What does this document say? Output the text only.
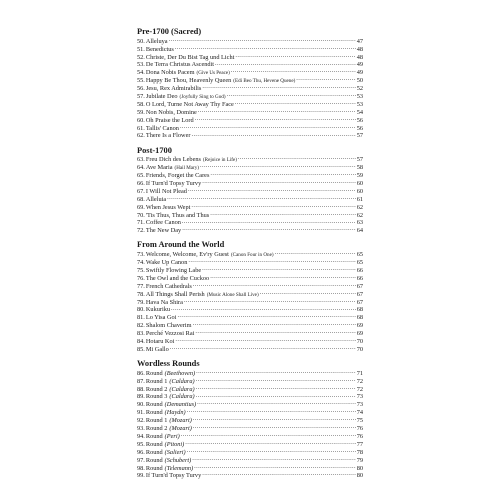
Pre-1700 (Sacred)
50. Alleluya .....	47
51. Benedictus .....	48
52. Christe, Der Du Bist Tag und Licht .....	48
53. De Terra Christus Ascendit .....	49
54. Dona Nobis Pacem (Give Us Peace) .....	49
55. Happy Be Thou, Heavenly Queen (Edi Beo Thu, Hevene Quene) .....	50
56. Jesu, Rex Admirabilis .....	52
57. Jubilate Deo (Joyfully Sing to God) .....	53
58. O Lord, Turne Not Away Thy Face .....	53
59. Non Nobis, Domine .....	54
60. Oh Praise the Lord .....	56
61. Tallis' Canon .....	56
62. There Is a Flower .....	57
Post-1700
63. Freu Dich des Lebens (Rejoice in Life) .....	57
64. Ave Maria (Hail Mary) .....	58
65. Friends, Forget the Cares .....	59
66. If Turn'd Topsy Turvy .....	60
67. I Will Not Plead .....	60
68. Alleluia .....	61
69. When Jesus Wept .....	62
70. 'Tis Thus, Thus and Thus .....	62
71. Coffee Canon .....	63
72. The New Day .....	64
From Around the World
73. Welcome, Welcome, Ev'ry Guest (Canon Four in One) .....	65
74. Wake Up Canon .....	65
75. Swiftly Flowing Labe .....	66
76. The Owl and the Cuckoo .....	66
77. French Cathedrals .....	67
78. All Things Shall Perish (Music Alone Shall Live) .....	67
79. Hava Na Shira .....	67
80. Kukuriku .....	68
81. Lo Yisa Goi .....	68
82. Shalom Chaverim .....	69
83. Perché Vezzosi Rai .....	69
84. Hotaru Koi .....	70
85. Mi Gallo .....	70
Wordless Rounds
86. Round (Beethoven) .....	71
87. Round 1 (Caldara) .....	72
88. Round 2 (Caldara) .....	72
89. Round 3 (Caldara) .....	73
90. Round (Demantius) .....	73
91. Round (Haydn) .....	74
92. Round 1 (Mozart) .....	75
93. Round 2 (Mozart) .....	76
94. Round (Peri) .....	76
95. Round (Pitoni) .....	77
96. Round (Salieri) .....	78
97. Round (Schubert) .....	79
98. Round (Telemann) .....	80
99. If Turn'd Topsy Turvy .....	80
